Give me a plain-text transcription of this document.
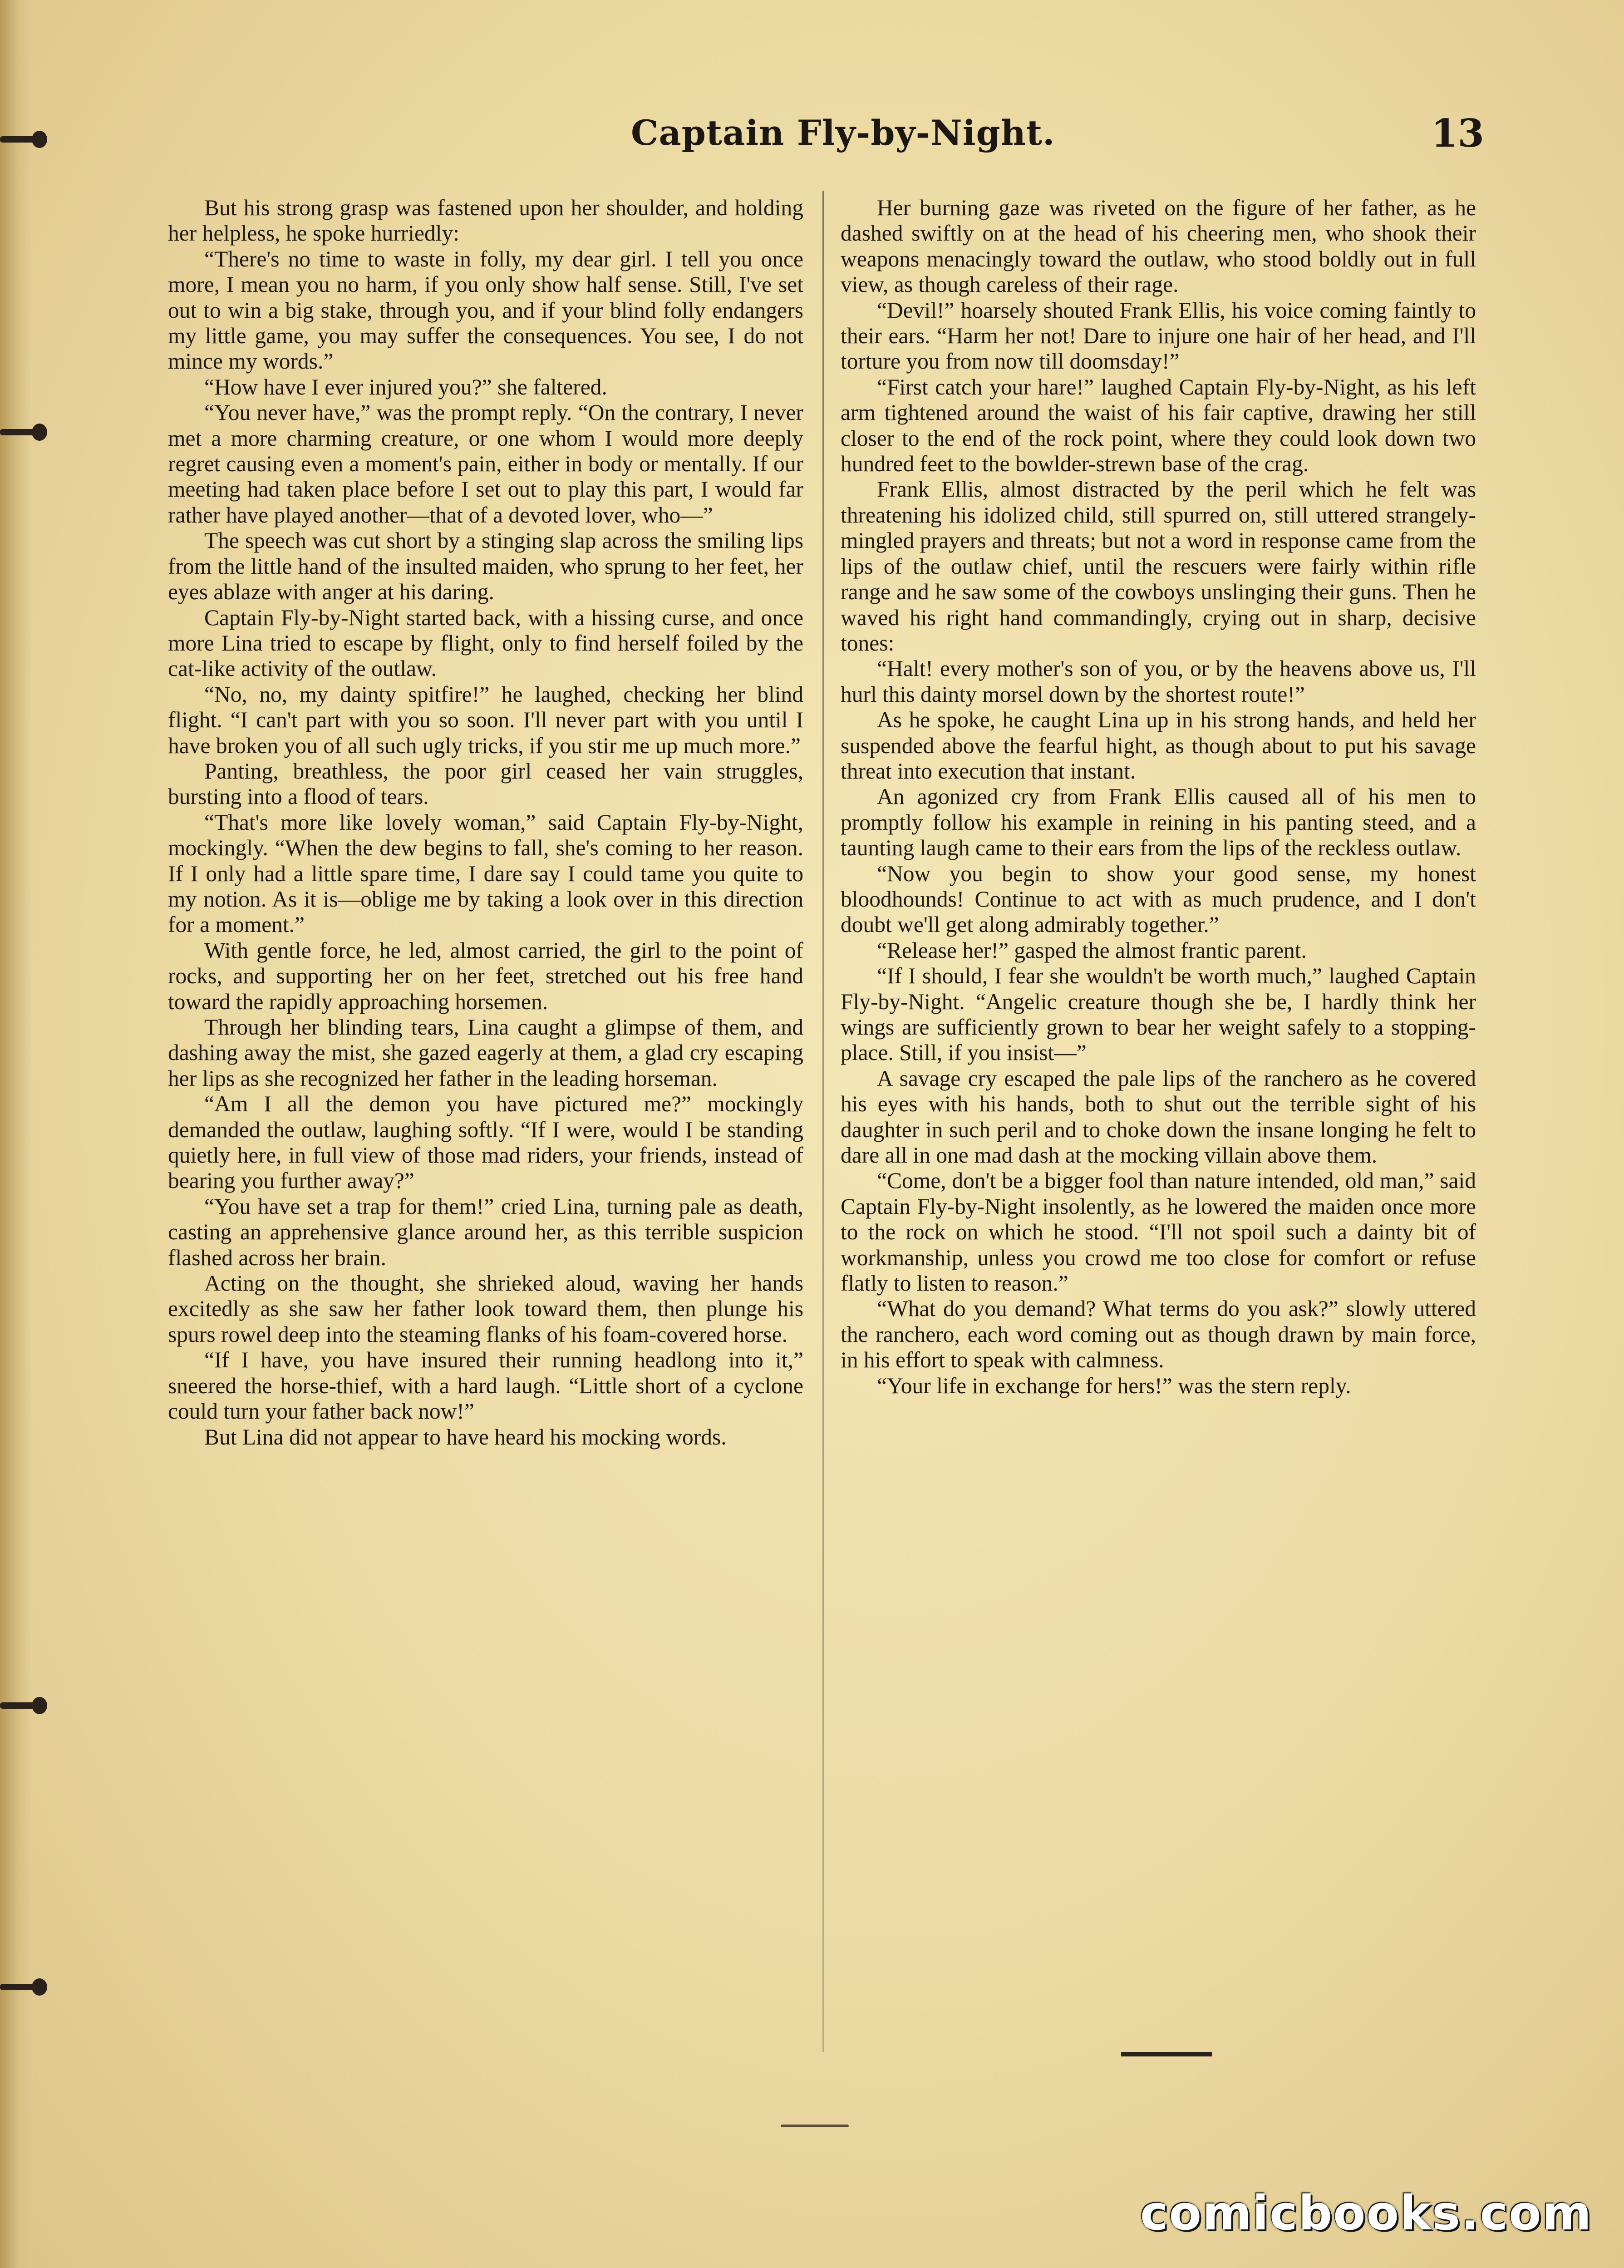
Captain Fly-by-Night.	13

But his strong grasp was fastened upon her shoulder, and holding her helpless, he spoke hurriedly:

“There's no time to waste in folly, my dear girl. I tell you once more, I mean you no harm, if you only show half sense. Still, I've set out to win a big stake, through you, and if your blind folly endangers my little game, you may suffer the consequences. You see, I do not mince my words.”

“How have I ever injured you?” she faltered.

“You never have,” was the prompt reply. “On the contrary, I never met a more charming creature, or one whom I would more deeply regret causing even a moment's pain, either in body or mentally. If our meeting had taken place before I set out to play this part, I would far rather have played another—that of a devoted lover, who—”

The speech was cut short by a stinging slap across the smiling lips from the little hand of the insulted maiden, who sprung to her feet, her eyes ablaze with anger at his daring.

Captain Fly-by-Night started back, with a hissing curse, and once more Lina tried to escape by flight, only to find herself foiled by the cat-like activity of the outlaw.

“No, no, my dainty spitfire!” he laughed, checking her blind flight. “I can't part with you so soon. I'll never part with you until I have broken you of all such ugly tricks, if you stir me up much more.”

Panting, breathless, the poor girl ceased her vain struggles, bursting into a flood of tears.

“That's more like lovely woman,” said Captain Fly-by-Night, mockingly. “When the dew begins to fall, she's coming to her reason. If I only had a little spare time, I dare say I could tame you quite to my notion. As it is—oblige me by taking a look over in this direction for a moment.”

With gentle force, he led, almost carried, the girl to the point of rocks, and supporting her on her feet, stretched out his free hand toward the rapidly approaching horsemen.

Through her blinding tears, Lina caught a glimpse of them, and dashing away the mist, she gazed eagerly at them, a glad cry escaping her lips as she recognized her father in the leading horseman.

“Am I all the demon you have pictured me?” mockingly demanded the outlaw, laughing softly. “If I were, would I be standing quietly here, in full view of those mad riders, your friends, instead of bearing you further away?”

“You have set a trap for them!” cried Lina, turning pale as death, casting an apprehensive glance around her, as this terrible suspicion flashed across her brain.

Acting on the thought, she shrieked aloud, waving her hands excitedly as she saw her father look toward them, then plunge his spurs rowel deep into the steaming flanks of his foam-covered horse.

“If I have, you have insured their running headlong into it,” sneered the horse-thief, with a hard laugh. “Little short of a cyclone could turn your father back now!”

But Lina did not appear to have heard his mocking words.

Her burning gaze was riveted on the figure of her father, as he dashed swiftly on at the head of his cheering men, who shook their weapons menacingly toward the outlaw, who stood boldly out in full view, as though careless of their rage.

“Devil!” hoarsely shouted Frank Ellis, his voice coming faintly to their ears. “Harm her not! Dare to injure one hair of her head, and I'll torture you from now till doomsday!”

“First catch your hare!” laughed Captain Fly-by-Night, as his left arm tightened around the waist of his fair captive, drawing her still closer to the end of the rock point, where they could look down two hundred feet to the bowlder-strewn base of the crag.

Frank Ellis, almost distracted by the peril which he felt was threatening his idolized child, still spurred on, still uttered strangely-mingled prayers and threats; but not a word in response came from the lips of the outlaw chief, until the rescuers were fairly within rifle range and he saw some of the cowboys unslinging their guns. Then he waved his right hand commandingly, crying out in sharp, decisive tones:

“Halt! every mother's son of you, or by the heavens above us, I'll hurl this dainty morsel down by the shortest route!”

As he spoke, he caught Lina up in his strong hands, and held her suspended above the fearful hight, as though about to put his savage threat into execution that instant.

An agonized cry from Frank Ellis caused all of his men to promptly follow his example in reining in his panting steed, and a taunting laugh came to their ears from the lips of the reckless outlaw.

“Now you begin to show your good sense, my honest bloodhounds! Continue to act with as much prudence, and I don't doubt we'll get along admirably together.”

“Release her!” gasped the almost frantic parent.

“If I should, I fear she wouldn't be worth much,” laughed Captain Fly-by-Night. “Angelic creature though she be, I hardly think her wings are sufficiently grown to bear her weight safely to a stopping-place. Still, if you insist—”

A savage cry escaped the pale lips of the ranchero as he covered his eyes with his hands, both to shut out the terrible sight of his daughter in such peril and to choke down the insane longing he felt to dare all in one mad dash at the mocking villain above them.

“Come, don't be a bigger fool than nature intended, old man,” said Captain Fly-by-Night insolently, as he lowered the maiden once more to the rock on which he stood. “I'll not spoil such a dainty bit of workmanship, unless you crowd me too close for comfort or refuse flatly to listen to reason.”

“What do you demand? What terms do you ask?” slowly uttered the ranchero, each word coming out as though drawn by main force, in his effort to speak with calmness.

“Your life in exchange for hers!” was the stern reply.

comicbooks.com
